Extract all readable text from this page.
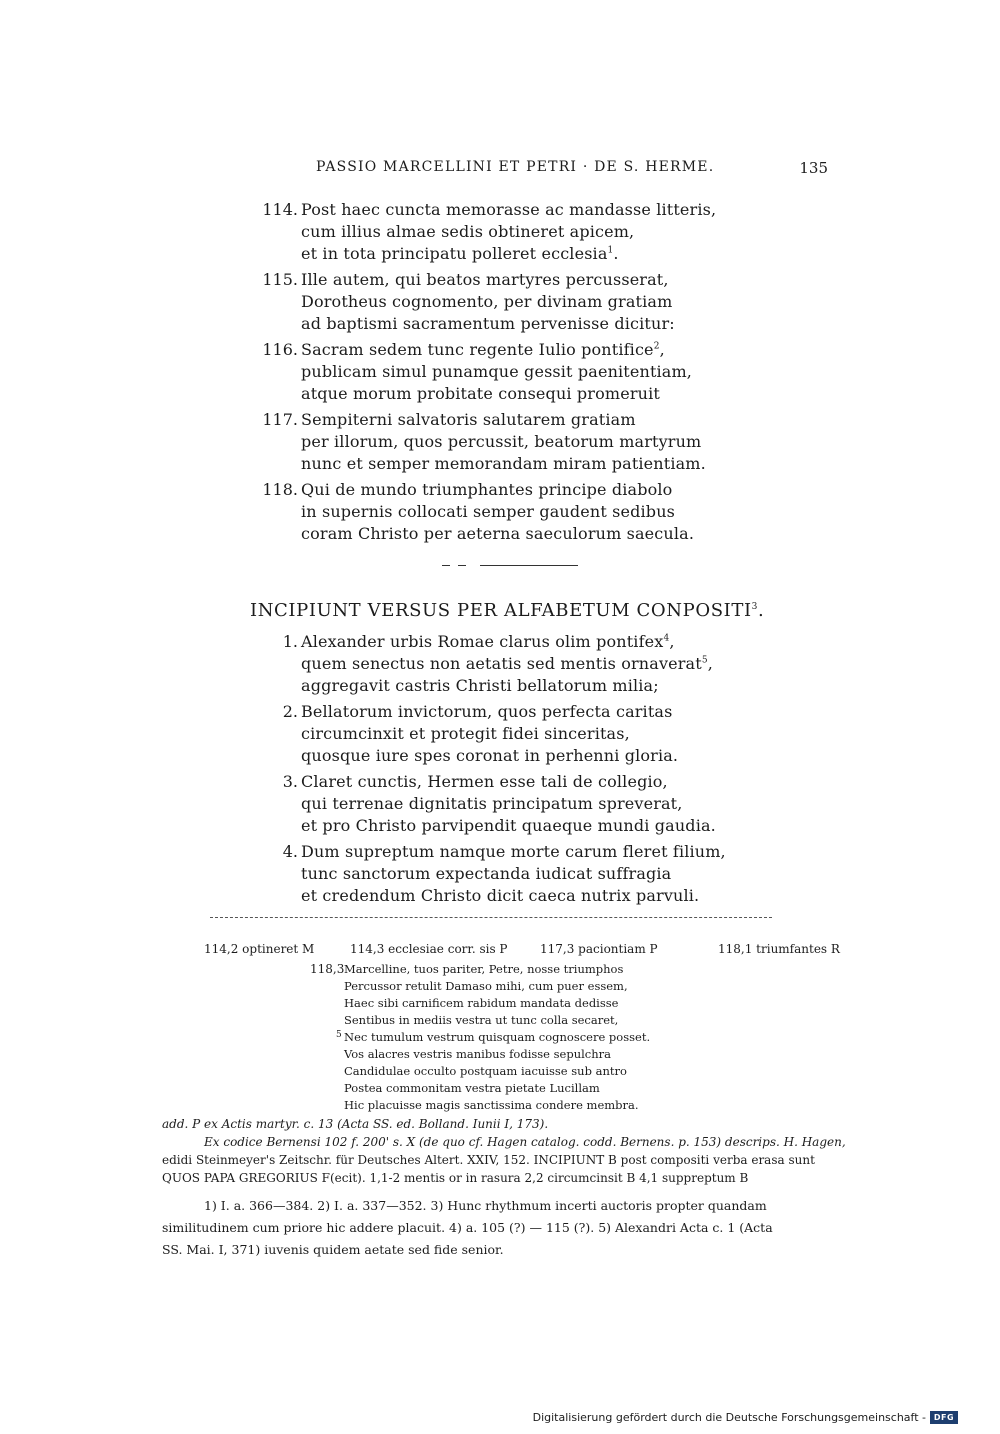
PASSIO MARCELLINI ET PETRI · DE S. HERME.	135
114. Post haec cuncta memorasse ac mandasse litteris,
cum illius almae sedis obtineret apicem,
et in tota principatu polleret ecclesia$^1$.
115. Ille autem, qui beatos martyres percusserat,
Dorotheus cognomento, per divinam gratiam
ad baptismi sacramentum pervenisse dicitur:
116. Sacram sedem tunc regente Iulio pontifice$^2$,
publicam simul punamque gessit paenitentiam,
atque morum probitate consequi promeruit
117. Sempiterni salvatoris salutarem gratiam
per illorum, quos percussit, beatorum martyrum
nunc et semper memorandam miram patientiam.
118. Qui de mundo triumphantes principe diabolo
in supernis collocati semper gaudent sedibus
coram Christo per aeterna saeculorum saecula.
INCIPIUNT VERSUS PER ALFABETUM CONPOSITI$^3$.
1. Alexander urbis Romae clarus olim pontifex$^4$,
quem senectus non aetatis sed mentis ornaverat$^5$,
aggregavit castris Christi bellatorum milia;
2. Bellatorum invictorum, quos perfecta caritas
circumcinxit et protegit fidei sinceritas,
quosque iure spes coronat in perhenni gloria.
3. Claret cunctis, Hermen esse tali de collegio,
qui terrenae dignitatis principatum spreverat,
et pro Christo parvipendit quaeque mundi gaudia.
4. Dum supreptum namque morte carum fleret filium,
tunc sanctorum expectanda iudicat suffragia
et credendum Christo dicit caeca nutrix parvuli.
114,2 optineret M	114,3 ecclesiae corr. sis P	117,3 paciontiam P	118,1 triumfantes R
118,3 Marcelline, tuos pariter, Petre, nosse triumphos
Percussor retulit Damaso mihi, cum puer essem,
Haec sibi carnificem rabidum mandata dedisse
Sentibus in mediis vestra ut tunc colla secaret,
5 Nec tumulum vestrum quisquam cognoscere posset.
Vos alacres vestris manibus fodisse sepulchra
Candidulae occulto postquam iacuisse sub antro
Postea commonitam vestra pietate Lucillam
Hic placuisse magis sanctissima condere membra.
add. P ex Actis martyr. c. 13 (Acta SS. ed. Bolland. Iunii I, 173).
Ex codice Bernensi 102 f. 200' s. X (de quo cf. Hagen catalog. codd. Bernens. p. 153) descrips. H. Hagen,
edidi Steinmeyer's Zeitschr. für Deutsches Altert. XXIV, 152. INCIPIUNT B post compositi verba erasa sunt
QUOS PAPA GREGORIUS F(ecit). 1,1-2 mentis or in rasura 2,2 circumcinsit B 4,1 suppreptum B
1) I. a. 366—384. 2) I. a. 337—352. 3) Hunc rhythmum incerti auctoris propter quandam
similitudinem cum priore hic addere placuit. 4) a. 105 (?) — 115 (?). 5) Alexandri Acta c. 1 (Acta
SS. Mai. I, 371) iuvenis quidem aetate sed fide senior.
Digitalisierung gefördert durch die Deutsche Forschungsgemeinschaft - DFG
